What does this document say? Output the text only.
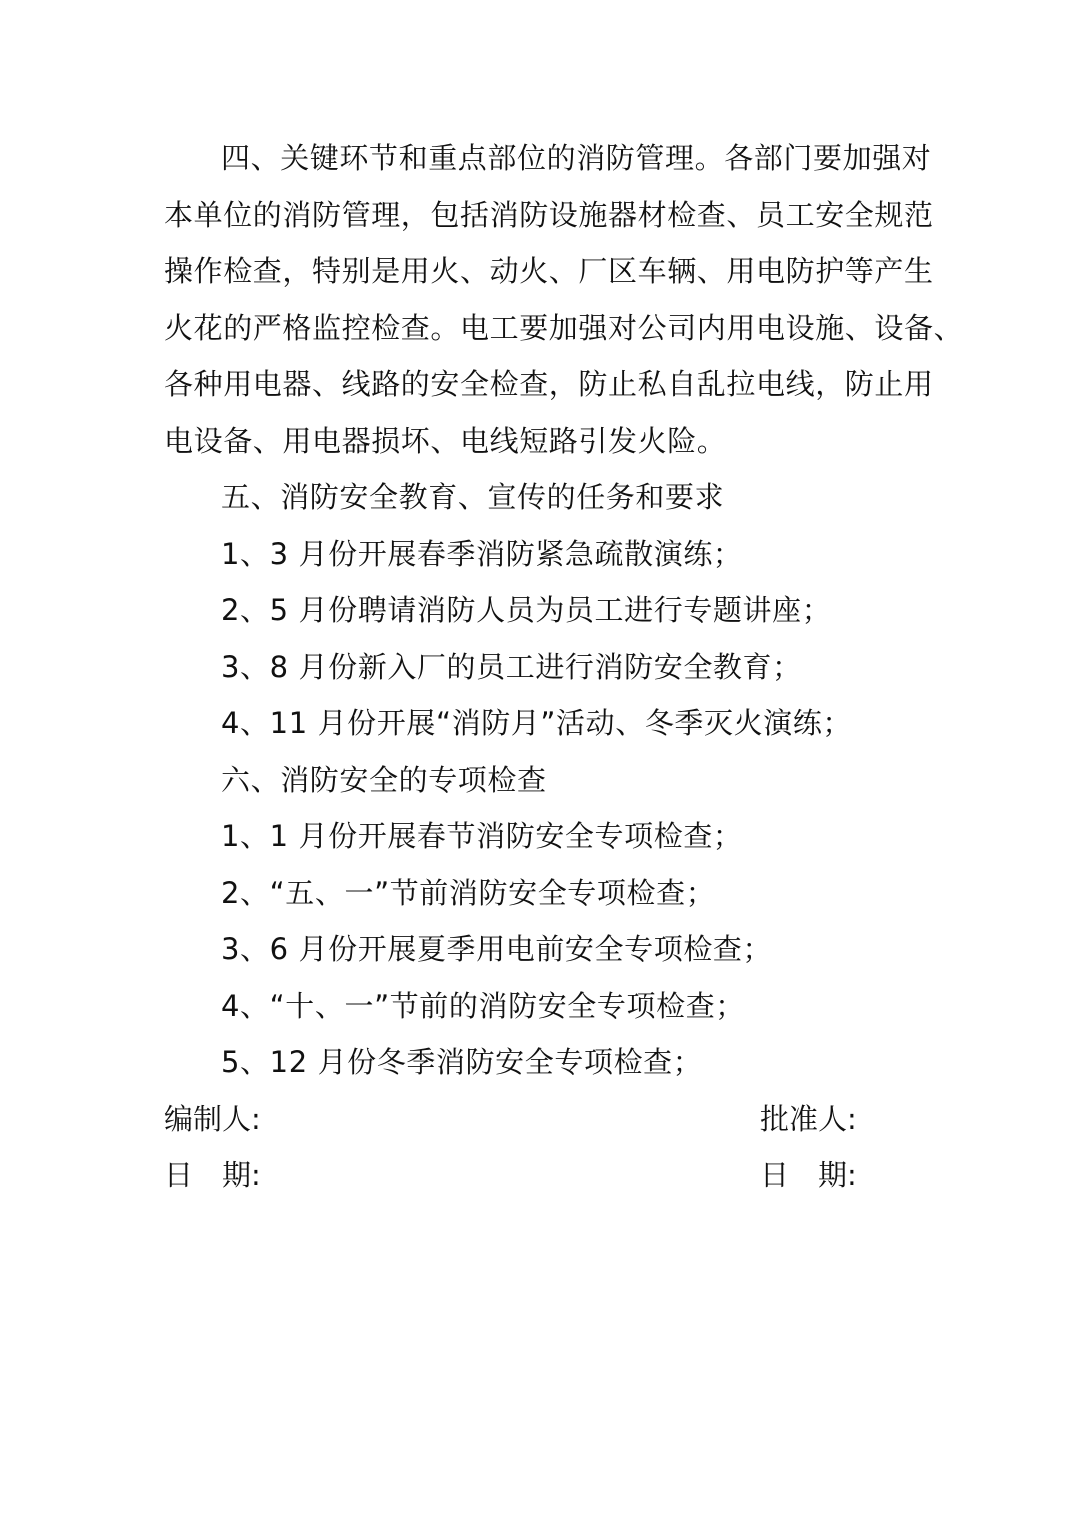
四、关键环节和重点部位的消防管理。各部门要加强对
本单位的消防管理，包括消防设施器材检查、员工安全规范
操作检查，特别是用火、动火、厂区车辆、用电防护等产生
火花的严格监控检查。电工要加强对公司内用电设施、设备、
各种用电器、线路的安全检查，防止私自乱拉电线，防止用
电设备、用电器损坏、电线短路引发火险。
五、消防安全教育、宣传的任务和要求
1、3 月份开展春季消防紧急疏散演练；
2、5 月份聘请消防人员为员工进行专题讲座；
3、8 月份新入厂的员工进行消防安全教育；
4、11 月份开展“消防月”活动、冬季灭火演练；
六、消防安全的专项检查
1、1 月份开展春节消防安全专项检查；
2、“五、一”节前消防安全专项检查；
3、6 月份开展夏季用电前安全专项检查；
4、“十、一”节前的消防安全专项检查；
5、12 月份冬季消防安全专项检查；
编制人:	批准人:
日　期:	日　期:
